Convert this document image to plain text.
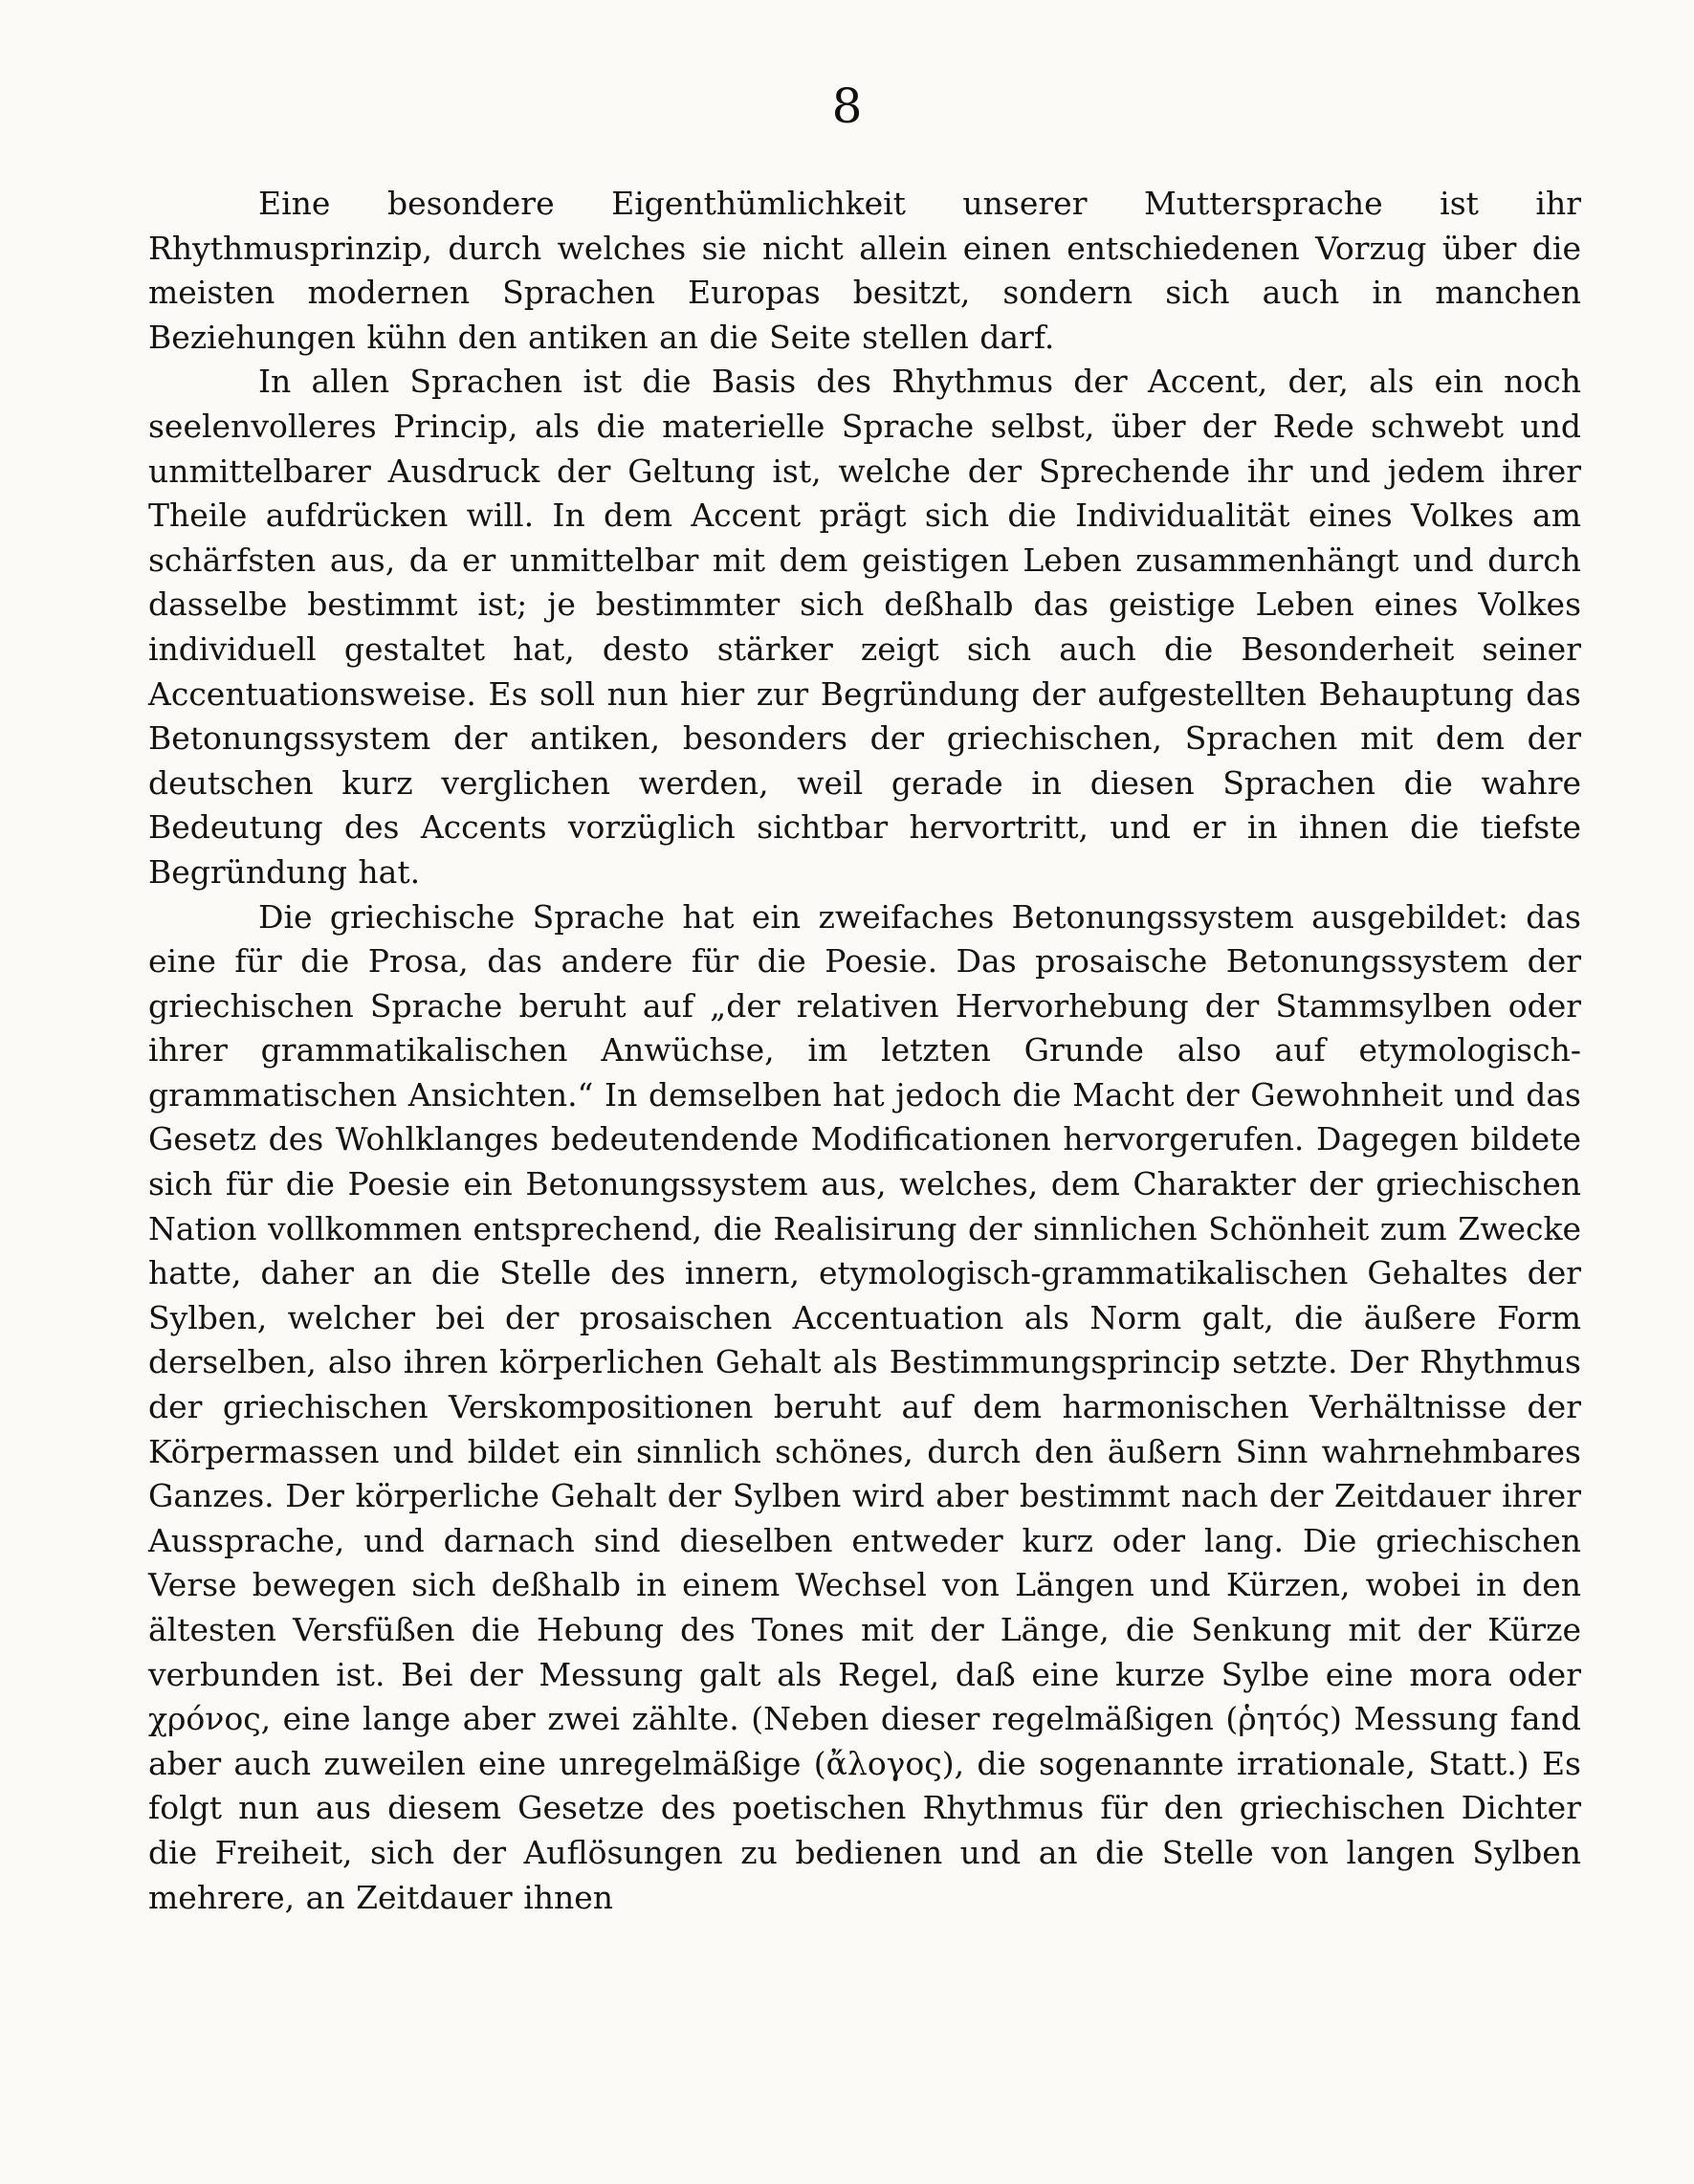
8

Eine besondere Eigenthümlichkeit unserer Muttersprache ist ihr Rhythmusprinzip, durch welches sie nicht allein einen entschiedenen Vorzug über die meisten modernen Sprachen Europas besitzt, sondern sich auch in manchen Beziehungen kühn den antiken an die Seite stellen darf.

In allen Sprachen ist die Basis des Rhythmus der Accent, der, als ein noch seelenvolleres Princip, als die materielle Sprache selbst, über der Rede schwebt und unmittelbarer Ausdruck der Geltung ist, welche der Sprechende ihr und jedem ihrer Theile aufdrücken will. In dem Accent prägt sich die Individualität eines Volkes am schärfsten aus, da er unmittelbar mit dem geistigen Leben zusammenhängt und durch dasselbe bestimmt ist; je bestimmter sich deßhalb das geistige Leben eines Volkes individuell gestaltet hat, desto stärker zeigt sich auch die Besonderheit seiner Accentuationsweise. Es soll nun hier zur Begründung der aufgestellten Behauptung das Betonungssystem der antiken, besonders der griechischen, Sprachen mit dem der deutschen kurz verglichen werden, weil gerade in diesen Sprachen die wahre Bedeutung des Accents vorzüglich sichtbar hervortritt, und er in ihnen die tiefste Begründung hat.

Die griechische Sprache hat ein zweifaches Betonungssystem ausgebildet: das eine für die Prosa, das andere für die Poesie. Das prosaische Betonungssystem der griechischen Sprache beruht auf „der relativen Hervorhebung der Stammsylben oder ihrer grammatikalischen Anwüchse, im letzten Grunde also auf etymologisch-grammatischen Ansichten.“ In demselben hat jedoch die Macht der Gewohnheit und das Gesetz des Wohlklanges bedeutendende Modificationen hervorgerufen. Dagegen bildete sich für die Poesie ein Betonungssystem aus, welches, dem Charakter der griechischen Nation vollkommen entsprechend, die Realisirung der sinnlichen Schönheit zum Zwecke hatte, daher an die Stelle des innern, etymologisch-grammatikalischen Gehaltes der Sylben, welcher bei der prosaischen Accentuation als Norm galt, die äußere Form derselben, also ihren körperlichen Gehalt als Bestimmungsprincip setzte. Der Rhythmus der griechischen Verskompositionen beruht auf dem harmonischen Verhältnisse der Körpermassen und bildet ein sinnlich schönes, durch den äußern Sinn wahrnehmbares Ganzes. Der körperliche Gehalt der Sylben wird aber bestimmt nach der Zeitdauer ihrer Aussprache, und darnach sind dieselben entweder kurz oder lang. Die griechischen Verse bewegen sich deßhalb in einem Wechsel von Längen und Kürzen, wobei in den ältesten Versfüßen die Hebung des Tones mit der Länge, die Senkung mit der Kürze verbunden ist. Bei der Messung galt als Regel, daß eine kurze Sylbe eine mora oder χρόνος, eine lange aber zwei zählte. (Neben dieser regelmäßigen (ῥητός) Messung fand aber auch zuweilen eine unregelmäßige (ἄλογος), die sogenannte irrationale, Statt.) Es folgt nun aus diesem Gesetze des poetischen Rhythmus für den griechischen Dichter die Freiheit, sich der Auflösungen zu bedienen und an die Stelle von langen Sylben mehrere, an Zeitdauer ihnen
